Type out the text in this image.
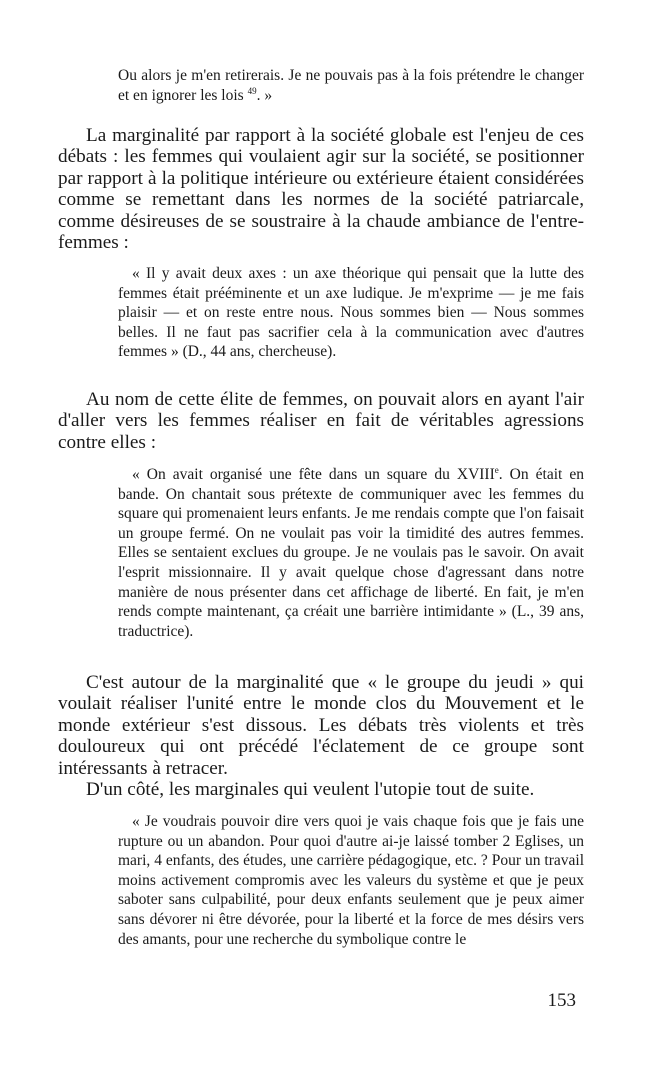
Ou alors je m'en retirerais. Je ne pouvais pas à la fois prétendre le changer et en ignorer les lois $^{49}$. »

La marginalité par rapport à la société globale est l'enjeu de ces débats : les femmes qui voulaient agir sur la société, se positionner par rapport à la politique intérieure ou extérieure étaient considérées comme se remettant dans les normes de la société patriarcale, comme désireuses de se soustraire à la chaude ambiance de l'entre-femmes :

« Il y avait deux axes : un axe théorique qui pensait que la lutte des femmes était prééminente et un axe ludique. Je m'exprime — je me fais plaisir — et on reste entre nous. Nous sommes bien — Nous sommes belles. Il ne faut pas sacrifier cela à la communication avec d'autres femmes » (D., 44 ans, chercheuse).

Au nom de cette élite de femmes, on pouvait alors en ayant l'air d'aller vers les femmes réaliser en fait de véritables agressions contre elles :

« On avait organisé une fête dans un square du XVIIIe. On était en bande. On chantait sous prétexte de communiquer avec les femmes du square qui promenaient leurs enfants. Je me rendais compte que l'on faisait un groupe fermé. On ne voulait pas voir la timidité des autres femmes. Elles se sentaient exclues du groupe. Je ne voulais pas le savoir. On avait l'esprit missionnaire. Il y avait quelque chose d'agressant dans notre manière de nous présenter dans cet affichage de liberté. En fait, je m'en rends compte maintenant, ça créait une barrière intimidante » (L., 39 ans, traductrice).

C'est autour de la marginalité que « le groupe du jeudi » qui voulait réaliser l'unité entre le monde clos du Mouvement et le monde extérieur s'est dissous. Les débats très violents et très douloureux qui ont précédé l'éclatement de ce groupe sont intéressants à retracer.

D'un côté, les marginales qui veulent l'utopie tout de suite.

« Je voudrais pouvoir dire vers quoi je vais chaque fois que je fais une rupture ou un abandon. Pour quoi d'autre ai-je laissé tomber 2 Eglises, un mari, 4 enfants, des études, une carrière pédagogique, etc. ? Pour un travail moins activement compromis avec les valeurs du système et que je peux saboter sans culpabilité, pour deux enfants seulement que je peux aimer sans dévorer ni être dévorée, pour la liberté et la force de mes désirs vers des amants, pour une recherche du symbolique contre le

153
